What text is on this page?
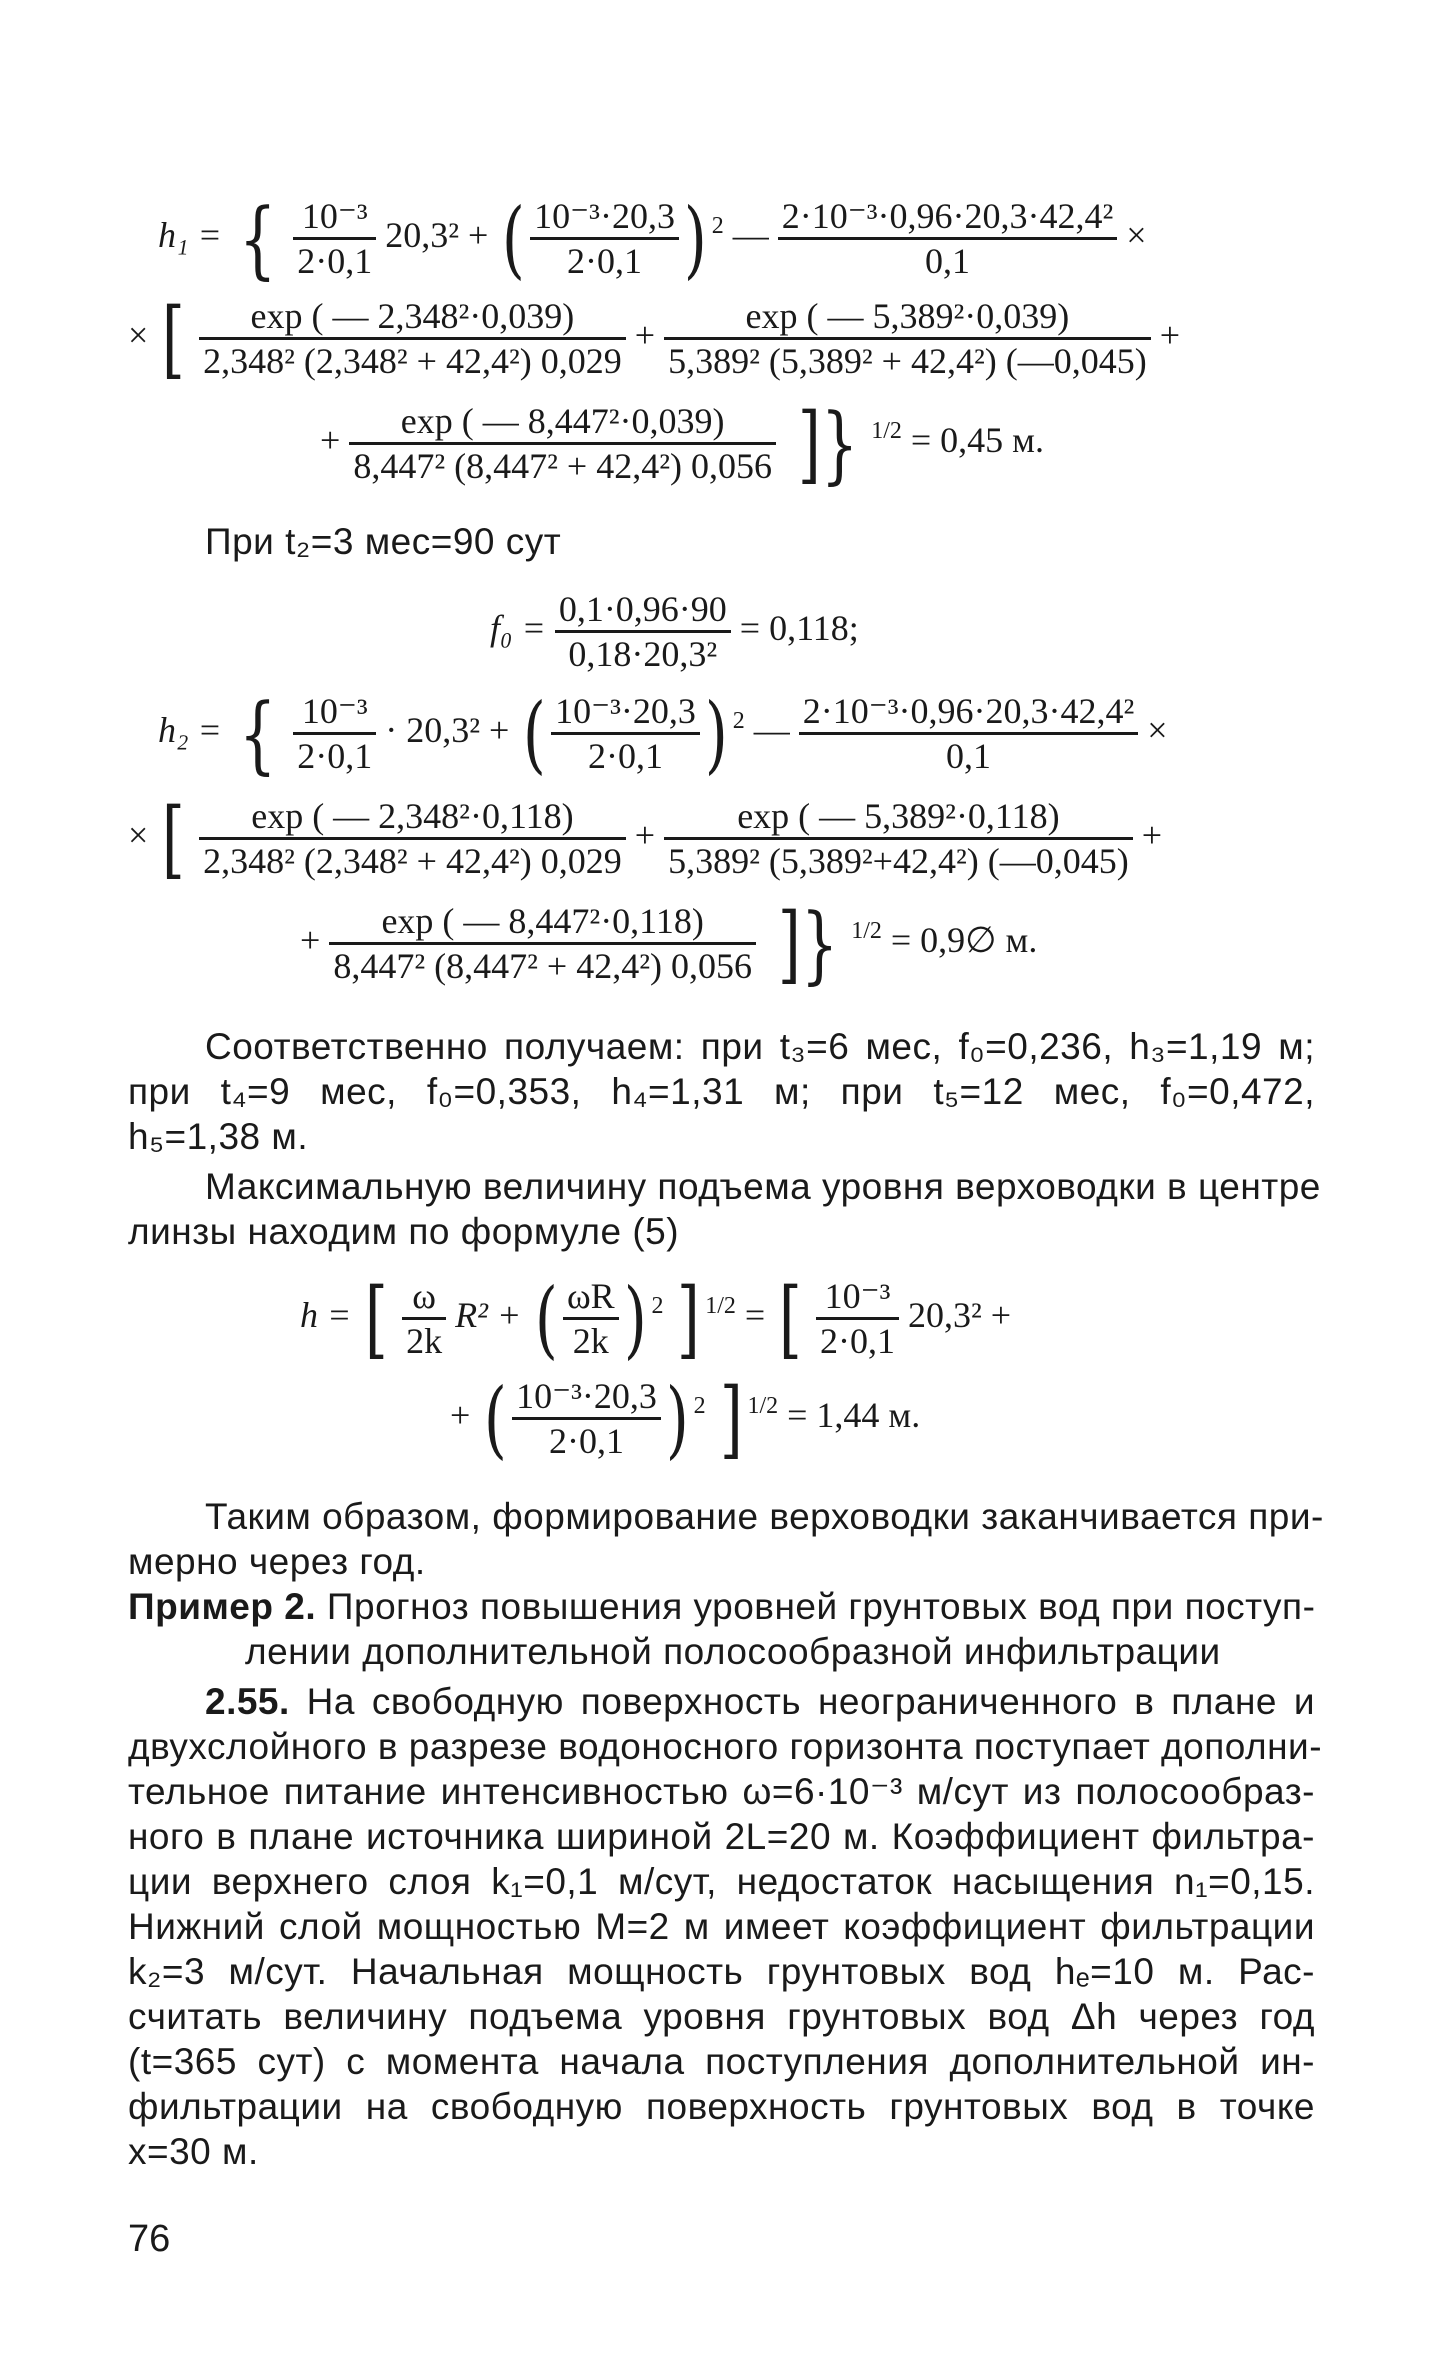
h₁ = { $\frac{\text{10⁻³}}{2\cdot 0,1} 20,3^2$ + ( $\frac{\text{10⁻³·20,3}}{2\cdot 0,1}$ ) $^2$ — $\frac{\text{2·10⁻³·0,96·20,3·42,4²}}{0,1}$ ×
× [ $\frac{\text{exp ( — 2,348²·0,039)}}{\text{2,348² (2,348² + 42,4²) 0,029}} + \frac{\text{exp ( — 5,389²·0,039)}}{\text{5,389² (5,389² + 42,4²) (—0,045)}}$ +
+ $\frac{\text{exp ( — 8,447²·0,039)}}{\text{8,447² (8,447² + 42,4²) 0,056}}$ ]} $^{1/2}$ = 0,45 м.
При t₂=3 мес=90 сут
$f_0 = \frac{0,1\cdot 0,96\cdot 90}{\text{0,18·20,3²}} = 0,118$;
h₂ = { $\frac{\text{10⁻³}}{2\cdot 0,1} \cdot 20,3^2$ + ( $\frac{\text{10⁻³·20,3}}{2\cdot 0,1}$ ) $^2$ — $\frac{\text{2·10⁻³·0,96·20,3·42,4²}}{0,1}$ ×
× [ $\frac{\text{exp ( — 2,348²·0,118)}}{\text{2,348² (2,348² + 42,4²) 0,029}} + \frac{\text{exp ( — 5,389²·0,118)}}{\text{5,389² (5,389²+42,4²) (—0,045)}}$ +
+ $\frac{\text{exp ( — 8,447²·0,118)}}{\text{8,447² (8,447² + 42,4²) 0,056}}$ ]} $^{1/2}$ = 0,9∅ м.
Соответственно получаем: при t₃=6 мес, f₀=0,236, h₃=1,19 м;
при t₄=9 мес, f₀=0,353, h₄=1,31 м; при t₅=12 мес, f₀=0,472,
h₅=1,38 м.
Максимальную величину подъема уровня верховодки в центре
линзы находим по формуле (5)
h = [ $\frac{\omega}{2k} R^2$ + ( $\frac{\omega R}{2k}$ ) $^2$ ] $^{1/2}$ = [ $\frac{\text{10⁻³}}{2\cdot 0,1} 20,3^2$ +
+ ( $\frac{\text{10⁻³·20,3}}{2\cdot 0,1}$ ) $^2$ ] $^{1/2}$ = 1,44 м.
Таким образом, формирование верховодки заканчивается при-
мерно через год.
Пример 2. Прогноз повышения уровней грунтовых вод при поступ-
лении дополнительной полосообразной инфильтрации
2.55. На свободную поверхность неограниченного в плане и
двухслойного в разрезе водоносного горизонта поступает дополни-
тельное питание интенсивностью ω=6·10⁻³ м/сут из полосообраз-
ного в плане источника шириной 2L=20 м. Коэффициент фильтра-
ции верхнего слоя k₁=0,1 м/сут, недостаток насыщения n₁=0,15.
Нижний слой мощностью M=2 м имеет коэффициент фильтрации
k₂=3 м/сут. Начальная мощность грунтовых вод hₑ=10 м. Рас-
считать величину подъема уровня грунтовых вод Δh через год
(t=365 сут) с момента начала поступления дополнительной ин-
фильтрации на свободную поверхность грунтовых вод в точке
x=30 м.
76
